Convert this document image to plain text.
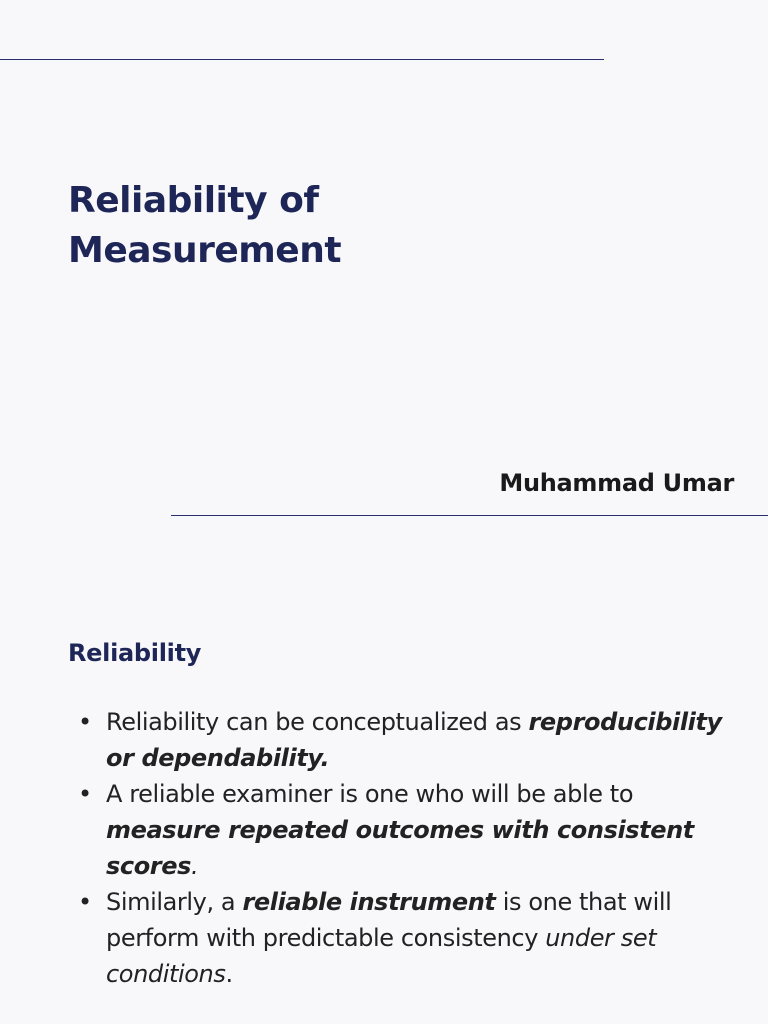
Reliability of
Measurement
Muhammad Umar
Reliability
• Reliability can be conceptualized as reproducibility or dependability.
• A reliable examiner is one who will be able to measure repeated outcomes with consistent scores.
• Similarly, a reliable instrument is one that will perform with predictable consistency under set conditions.
